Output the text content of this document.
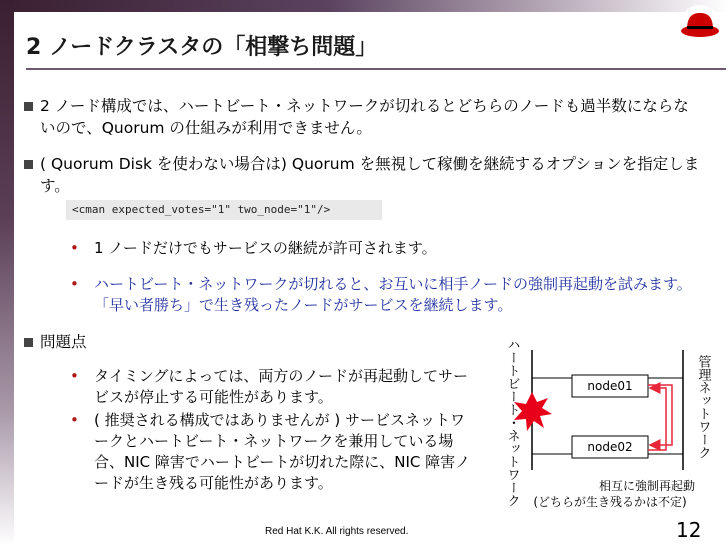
2 ノードクラスタの「相撃ち問題」
2 ノード構成では、ハートビート・ネットワークが切れるとどちらのノードも過半数にならないので、Quorum の仕組みが利用できません。
( Quorum Disk を使わない場合は) Quorum を無視して稼働を継続するオプションを指定します。
<cman expected_votes="1" two_node="1"/>
• 1 ノードだけでもサービスの継続が許可されます。
• ハートビート・ネットワークが切れると、お互いに相手ノードの強制再起動を試みます。「早い者勝ち」で生き残ったノードがサービスを継続します。
問題点
• タイミングによっては、両方のノードが再起動してサービスが停止する可能性があります。
• ( 推奨される構成ではありませんが ) サービスネットワークとハートビート・ネットワークを兼用している場合、NIC 障害でハートビートが切れた際に、NIC 障害ノードが生き残る可能性があります。	ハートビート・ネットワーク	管理ネットワーク
node01
node02
相互に強制再起動
(どちらが生き残るかは不定)
Red Hat K.K. All rights reserved.	12
